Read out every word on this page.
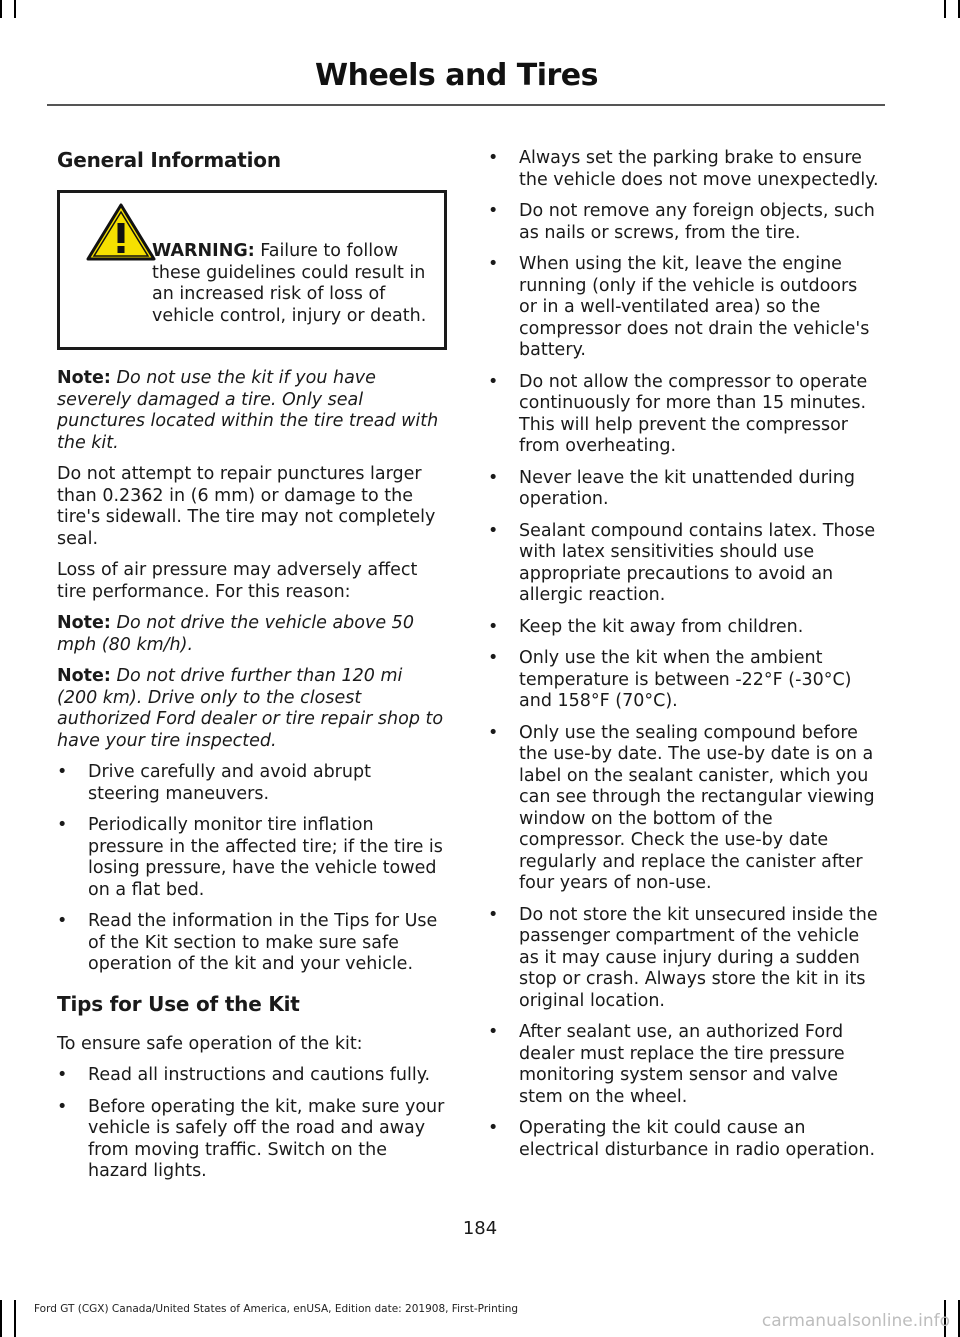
Wheels and Tires
General Information

WARNING: Failure to follow these guidelines could result in an increased risk of loss of vehicle control, injury or death.

Note: Do not use the kit if you have severely damaged a tire. Only seal punctures located within the tire tread with the kit.

Do not attempt to repair punctures larger than 0.2362 in (6 mm) or damage to the tire's sidewall. The tire may not completely seal.

Loss of air pressure may adversely affect tire performance. For this reason:

Note: Do not drive the vehicle above 50 mph (80 km/h).

Note: Do not drive further than 120 mi (200 km). Drive only to the closest authorized Ford dealer or tire repair shop to have your tire inspected.

• Drive carefully and avoid abrupt steering maneuvers.
• Periodically monitor tire inflation pressure in the affected tire; if the tire is losing pressure, have the vehicle towed on a flat bed.
• Read the information in the Tips for Use of the Kit section to make sure safe operation of the kit and your vehicle.
Tips for Use of the Kit

To ensure safe operation of the kit:

• Read all instructions and cautions fully.
• Before operating the kit, make sure your vehicle is safely off the road and away from moving traffic. Switch on the hazard lights.
• Always set the parking brake to ensure the vehicle does not move unexpectedly.
• Do not remove any foreign objects, such as nails or screws, from the tire.
• When using the kit, leave the engine running (only if the vehicle is outdoors or in a well-ventilated area) so the compressor does not drain the vehicle's battery.
• Do not allow the compressor to operate continuously for more than 15 minutes. This will help prevent the compressor from overheating.
• Never leave the kit unattended during operation.
• Sealant compound contains latex. Those with latex sensitivities should use appropriate precautions to avoid an allergic reaction.
• Keep the kit away from children.
• Only use the kit when the ambient temperature is between -22°F (-30°C) and 158°F (70°C).
• Only use the sealing compound before the use-by date. The use-by date is on a label on the sealant canister, which you can see through the rectangular viewing window on the bottom of the compressor. Check the use-by date regularly and replace the canister after four years of non-use.
• Do not store the kit unsecured inside the passenger compartment of the vehicle as it may cause injury during a sudden stop or crash. Always store the kit in its original location.
• After sealant use, an authorized Ford dealer must replace the tire pressure monitoring system sensor and valve stem on the wheel.
• Operating the kit could cause an electrical disturbance in radio operation.
184
Ford GT (CGX) Canada/United States of America, enUSA, Edition date: 201908, First-Printing
carmanualsonline.info
